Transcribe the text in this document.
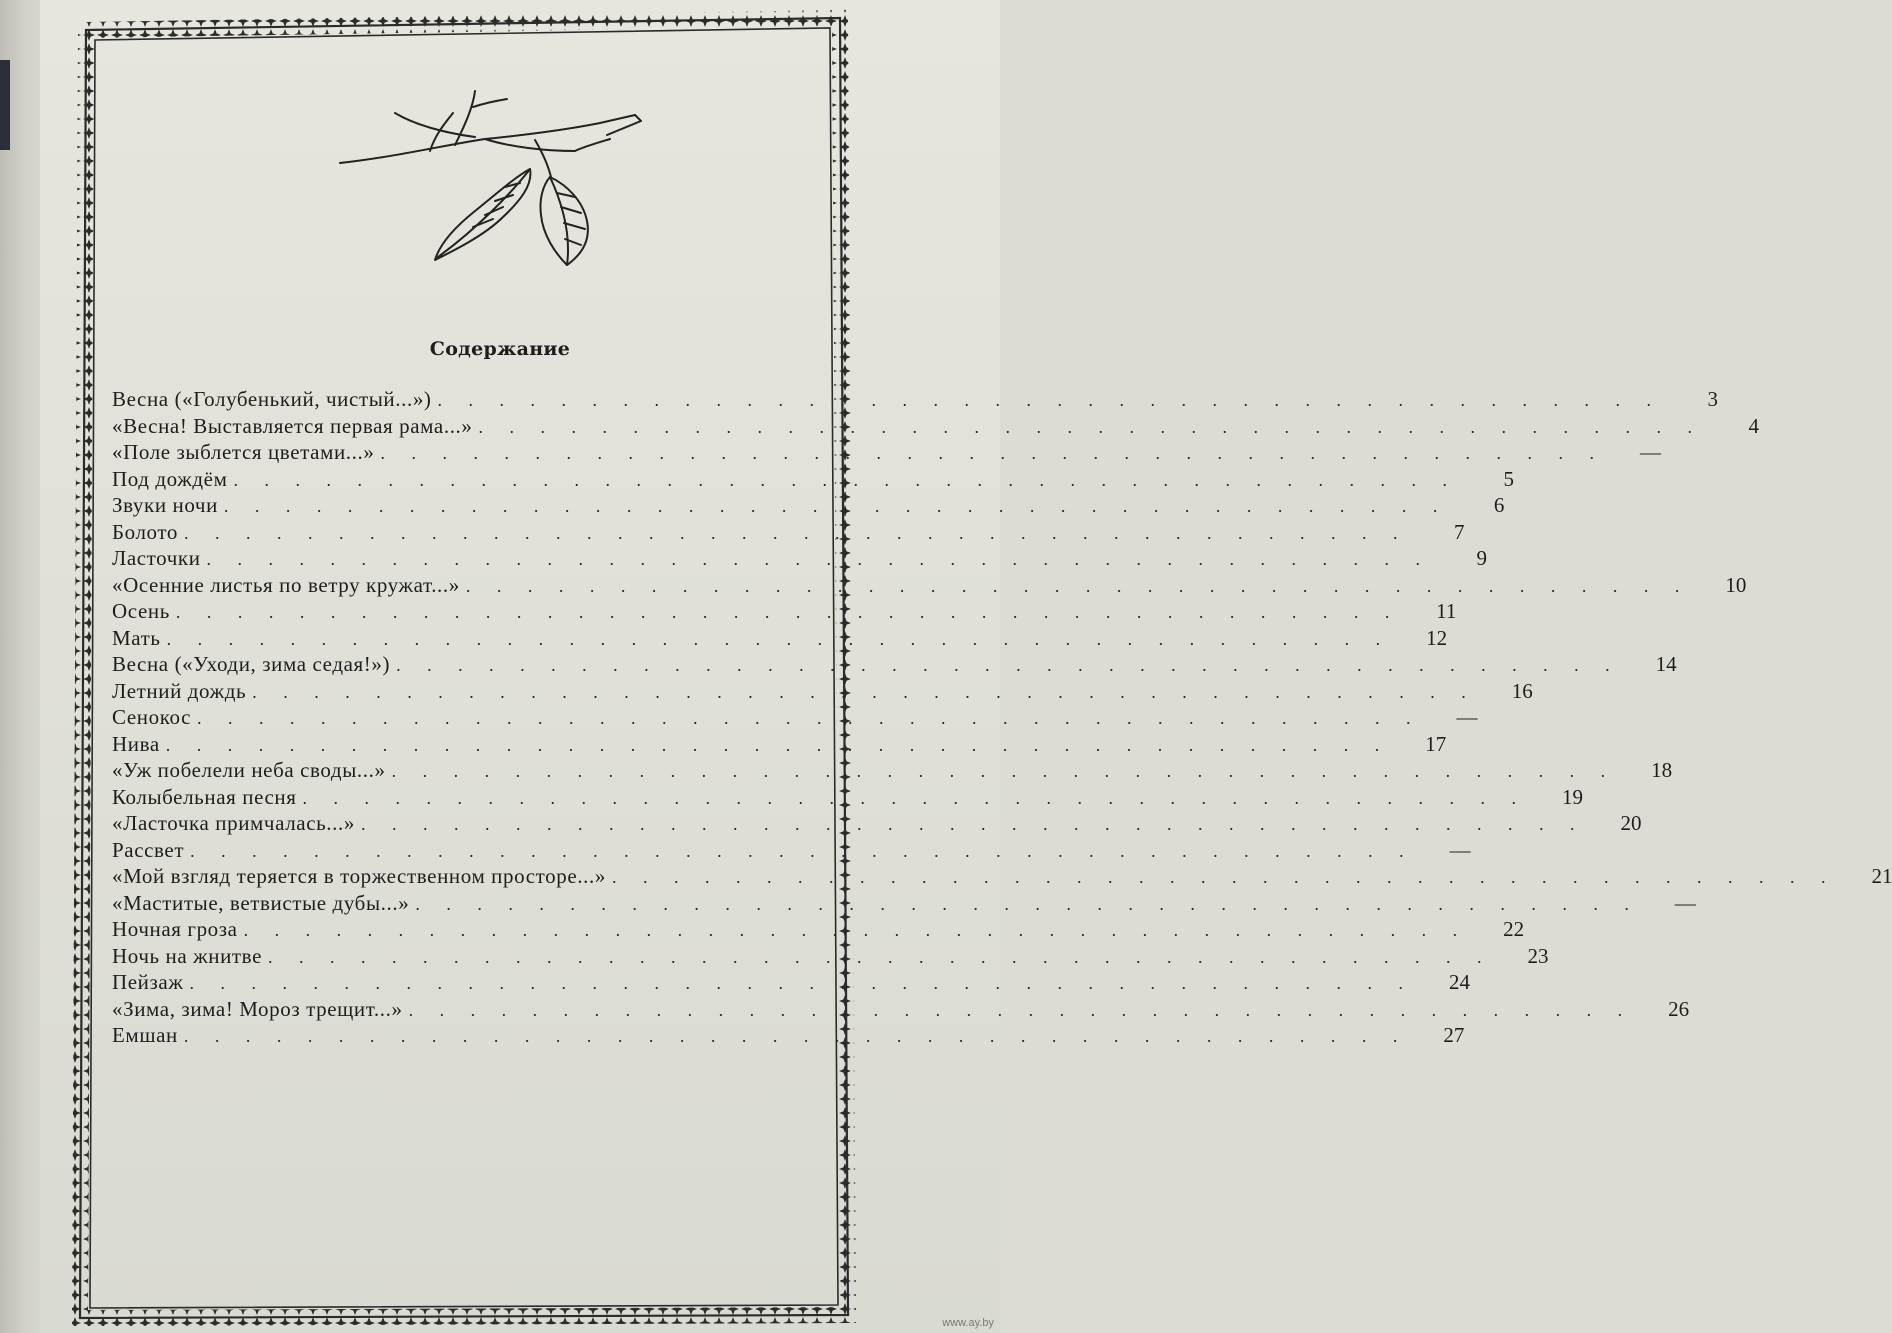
Содержание
Весна («Голубенький, чистый...») . . . . . . . . . . . . . . . . . . . . . . . . . . . . . . . . . . . . . . . .	3
«Весна! Выставляется первая рама...» . . . . . . . . . . . . . . . . . . . . . . . . . . . . . . . . . . . . . . . .	4
«Поле зыблется цветами...» . . . . . . . . . . . . . . . . . . . . . . . . . . . . . . . . . . . . . . . .	—
Под дождём . . . . . . . . . . . . . . . . . . . . . . . . . . . . . . . . . . . . . . . .	5
Звуки ночи . . . . . . . . . . . . . . . . . . . . . . . . . . . . . . . . . . . . . . . .	6
Болото . . . . . . . . . . . . . . . . . . . . . . . . . . . . . . . . . . . . . . . .	7
Ласточки . . . . . . . . . . . . . . . . . . . . . . . . . . . . . . . . . . . . . . . .	9
«Осенние листья по ветру кружат...» . . . . . . . . . . . . . . . . . . . . . . . . . . . . . . . . . . . . . . . .	10
Осень . . . . . . . . . . . . . . . . . . . . . . . . . . . . . . . . . . . . . . . .	11
Мать . . . . . . . . . . . . . . . . . . . . . . . . . . . . . . . . . . . . . . . .	12
Весна («Уходи, зима седая!») . . . . . . . . . . . . . . . . . . . . . . . . . . . . . . . . . . . . . . . .	14
Летний дождь . . . . . . . . . . . . . . . . . . . . . . . . . . . . . . . . . . . . . . . .	16
Сенокос . . . . . . . . . . . . . . . . . . . . . . . . . . . . . . . . . . . . . . . .	—
Нива . . . . . . . . . . . . . . . . . . . . . . . . . . . . . . . . . . . . . . . .	17
«Уж побелели неба своды...» . . . . . . . . . . . . . . . . . . . . . . . . . . . . . . . . . . . . . . . .	18
Колыбельная песня . . . . . . . . . . . . . . . . . . . . . . . . . . . . . . . . . . . . . . . .	19
«Ласточка примчалась...» . . . . . . . . . . . . . . . . . . . . . . . . . . . . . . . . . . . . . . . .	20
Рассвет . . . . . . . . . . . . . . . . . . . . . . . . . . . . . . . . . . . . . . . .	—
«Мой взгляд теряется в торжественном просторе...» . . . . . . . . . . . . . . . . . . . . . . . . . . . . . . . . . . . . . . . .	21
«Маститые, ветвистые дубы...» . . . . . . . . . . . . . . . . . . . . . . . . . . . . . . . . . . . . . . . .	—
Ночная гроза . . . . . . . . . . . . . . . . . . . . . . . . . . . . . . . . . . . . . . . .	22
Ночь на жнитве . . . . . . . . . . . . . . . . . . . . . . . . . . . . . . . . . . . . . . . .	23
Пейзаж . . . . . . . . . . . . . . . . . . . . . . . . . . . . . . . . . . . . . . . .	24
«Зима, зима! Мороз трещит...» . . . . . . . . . . . . . . . . . . . . . . . . . . . . . . . . . . . . . . . .	26
Емшан . . . . . . . . . . . . . . . . . . . . . . . . . . . . . . . . . . . . . . . .	27
www.ay.by
